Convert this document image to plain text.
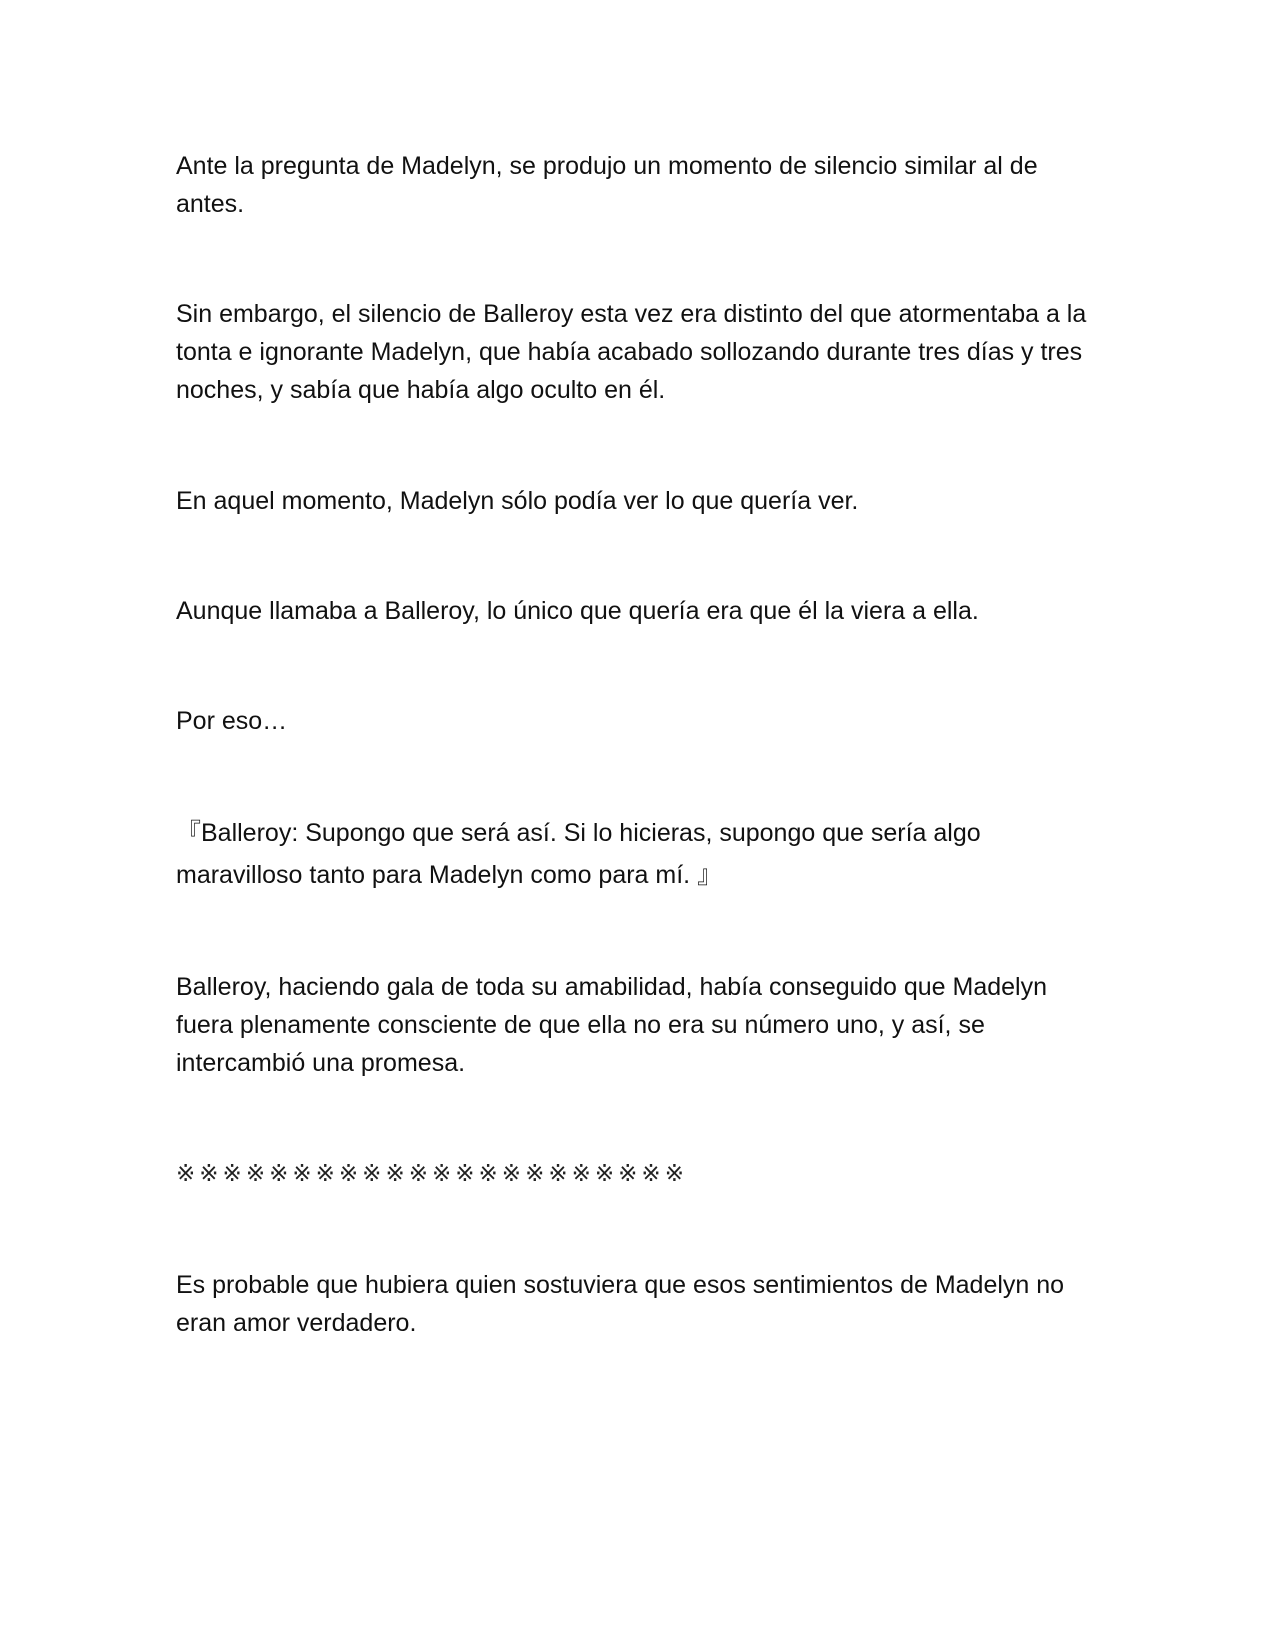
Ante la pregunta de Madelyn, se produjo un momento de silencio similar al de antes.

Sin embargo, el silencio de Balleroy esta vez era distinto del que atormentaba a la tonta e ignorante Madelyn, que había acabado sollozando durante tres días y tres noches, y sabía que había algo oculto en él.

En aquel momento, Madelyn sólo podía ver lo que quería ver.

Aunque llamaba a Balleroy, lo único que quería era que él la viera a ella.

Por eso…

『Balleroy: Supongo que será así. Si lo hicieras, supongo que sería algo maravilloso tanto para Madelyn como para mí. 』

Balleroy, haciendo gala de toda su amabilidad, había conseguido que Madelyn fuera plenamente consciente de que ella no era su número uno, y así, se intercambió una promesa.

※※※※※※※※※※※※※※※※※※※※※※

Es probable que hubiera quien sostuviera que esos sentimientos de Madelyn no eran amor verdadero.
